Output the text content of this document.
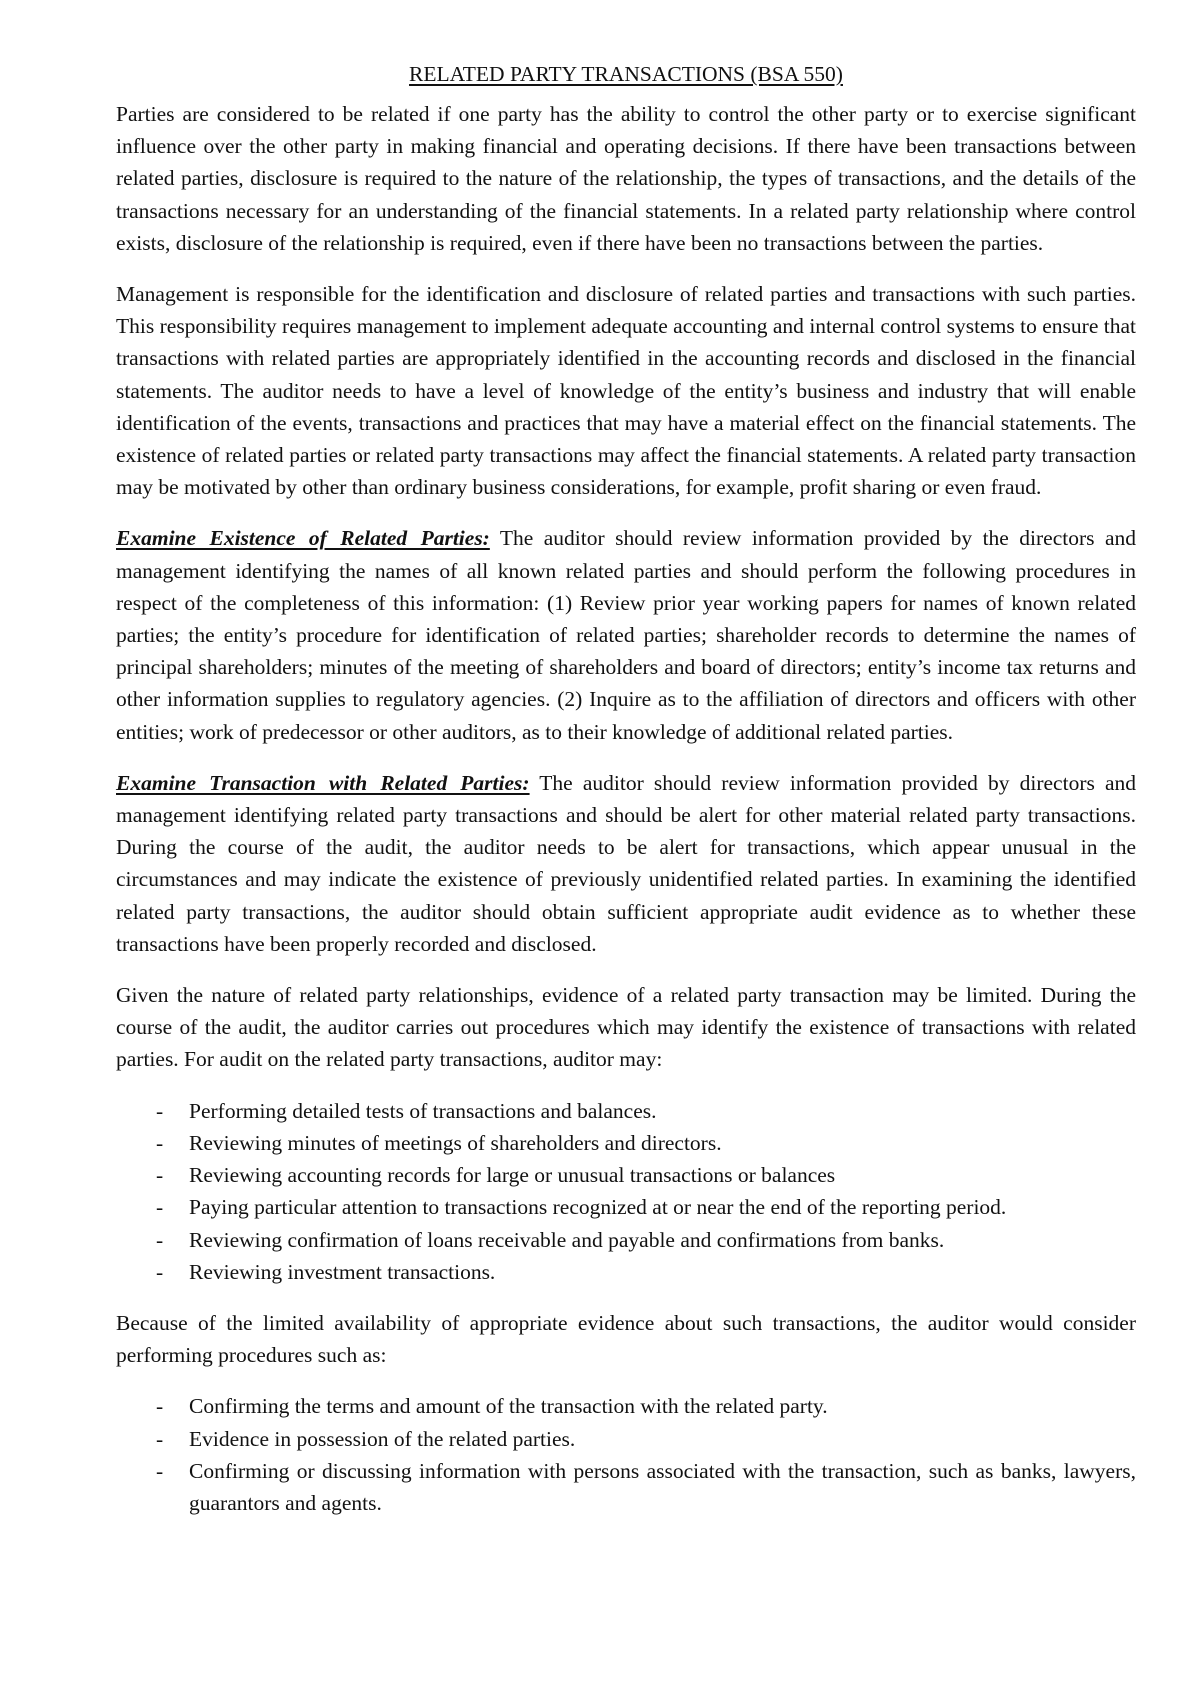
RELATED PARTY TRANSACTIONS (BSA 550)

Parties are considered to be related if one party has the ability to control the other party or to exercise significant influence over the other party in making financial and operating decisions. If there have been transactions between related parties, disclosure is required to the nature of the relationship, the types of transactions, and the details of the transactions necessary for an understanding of the financial statements. In a related party relationship where control exists, disclosure of the relationship is required, even if there have been no transactions between the parties.

Management is responsible for the identification and disclosure of related parties and transactions with such parties. This responsibility requires management to implement adequate accounting and internal control systems to ensure that transactions with related parties are appropriately identified in the accounting records and disclosed in the financial statements. The auditor needs to have a level of knowledge of the entity’s business and industry that will enable identification of the events, transactions and practices that may have a material effect on the financial statements. The existence of related parties or related party transactions may affect the financial statements. A related party transaction may be motivated by other than ordinary business considerations, for example, profit sharing or even fraud.

Examine Existence of Related Parties: The auditor should review information provided by the directors and management identifying the names of all known related parties and should perform the following procedures in respect of the completeness of this information: (1) Review prior year working papers for names of known related parties; the entity’s procedure for identification of related parties; shareholder records to determine the names of principal shareholders; minutes of the meeting of shareholders and board of directors; entity’s income tax returns and other information supplies to regulatory agencies. (2) Inquire as to the affiliation of directors and officers with other entities; work of predecessor or other auditors, as to their knowledge of additional related parties.

Examine Transaction with Related Parties: The auditor should review information provided by directors and management identifying related party transactions and should be alert for other material related party transactions. During the course of the audit, the auditor needs to be alert for transactions, which appear unusual in the circumstances and may indicate the existence of previously unidentified related parties. In examining the identified related party transactions, the auditor should obtain sufficient appropriate audit evidence as to whether these transactions have been properly recorded and disclosed.

Given the nature of related party relationships, evidence of a related party transaction may be limited. During the course of the audit, the auditor carries out procedures which may identify the existence of transactions with related parties. For audit on the related party transactions, auditor may:

- Performing detailed tests of transactions and balances.
- Reviewing minutes of meetings of shareholders and directors.
- Reviewing accounting records for large or unusual transactions or balances
- Paying particular attention to transactions recognized at or near the end of the reporting period.
- Reviewing confirmation of loans receivable and payable and confirmations from banks.
- Reviewing investment transactions.

Because of the limited availability of appropriate evidence about such transactions, the auditor would consider performing procedures such as:

- Confirming the terms and amount of the transaction with the related party.
- Evidence in possession of the related parties.
- Confirming or discussing information with persons associated with the transaction, such as banks, lawyers, guarantors and agents.
